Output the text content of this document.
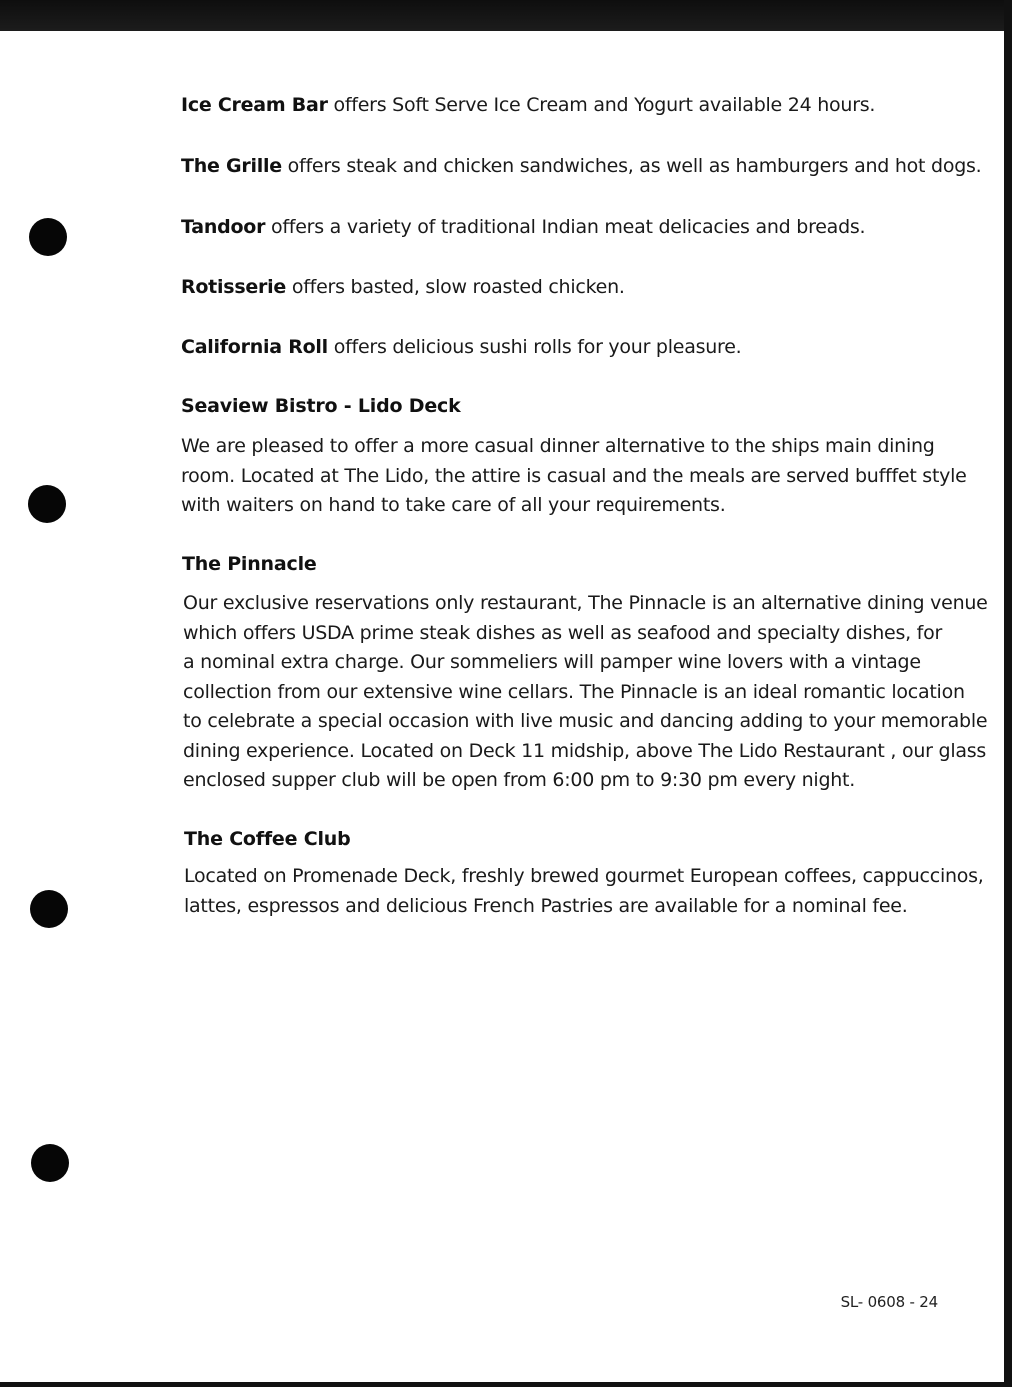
Ice Cream Bar offers Soft Serve Ice Cream and Yogurt available 24 hours.

The Grille offers steak and chicken sandwiches, as well as hamburgers and hot dogs.

Tandoor offers a variety of traditional Indian meat delicacies and breads.

Rotisserie offers basted, slow roasted chicken.

California Roll offers delicious sushi rolls for your pleasure.

Seaview Bistro - Lido Deck
We are pleased to offer a more casual dinner alternative to the ships main dining
room. Located at The Lido, the attire is casual and the meals are served bufffet style
with waiters on hand to take care of all your requirements.
The Pinnacle
Our exclusive reservations only restaurant, The Pinnacle is an alternative dining venue
which offers USDA prime steak dishes as well as seafood and specialty dishes, for
a nominal extra charge. Our sommeliers will pamper wine lovers with a vintage
collection from our extensive wine cellars. The Pinnacle is an ideal romantic location
to celebrate a special occasion with live music and dancing adding to your memorable
dining experience. Located on Deck 11 midship, above The Lido Restaurant , our glass
enclosed supper club will be open from 6:00 pm to 9:30 pm every night.
The Coffee Club
Located on Promenade Deck, freshly brewed gourmet European coffees, cappuccinos,
lattes, espressos and delicious French Pastries are available for a nominal fee.
SL- 0608 - 24
